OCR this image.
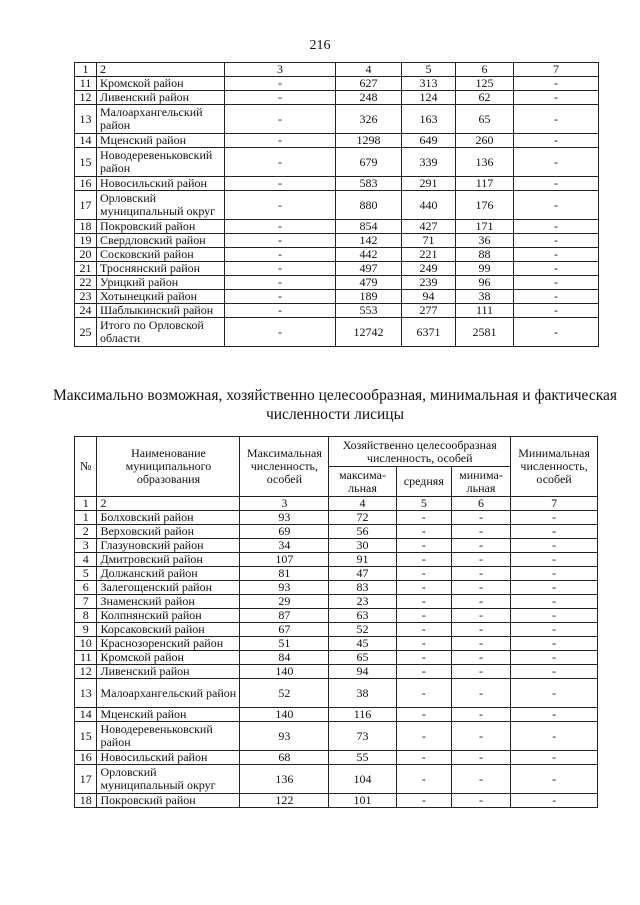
216
1	2	3	4	5	6	7
11	Кромской район	-	627	313	125	-
12	Ливенский район	-	248	124	62	-
13	Малоархангельский район	-	326	163	65	-
14	Мценский район	-	1298	649	260	-
15	Новодеревеньковский район	-	679	339	136	-
16	Новосильский район	-	583	291	117	-
17	Орловский муниципальный округ	-	880	440	176	-
18	Покровский район	-	854	427	171	-
19	Свердловский район	-	142	71	36	-
20	Сосковский район	-	442	221	88	-
21	Троснянский район	-	497	249	99	-
22	Урицкий район	-	479	239	96	-
23	Хотынецкий район	-	189	94	38	-
24	Шаблыкинский район	-	553	277	111	-
25	Итого по Орловской области	-	12742	6371	2581	-
Максимально возможная, хозяйственно целесообразная, минимальная и фактическая численности лисицы
№	Наименование муниципального образования	Максимальная численность, особей	Хозяйственно целесообразная численность, особей			Минимальная численность, особей
			максима-льная	средняя	минима-льная	
1	2	3	4	5	6	7
1	Болховский район	93	72	-	-	-
2	Верховский район	69	56	-	-	-
3	Глазуновский район	34	30	-	-	-
4	Дмитровский район	107	91	-	-	-
5	Должанский район	81	47	-	-	-
6	Залегощенский район	93	83	-	-	-
7	Знаменский район	29	23	-	-	-
8	Колпнянский район	87	63	-	-	-
9	Корсаковский район	67	52	-	-	-
10	Краснозоренский район	51	45	-	-	-
11	Кромской район	84	65	-	-	-
12	Ливенский район	140	94	-	-	-
13	Малоархангельский район	52	38	-	-	-
14	Мценский район	140	116	-	-	-
15	Новодеревеньковский район	93	73	-	-	-
16	Новосильский район	68	55	-	-	-
17	Орловский муниципальный округ	136	104	-	-	-
18	Покровский район	122	101	-	-	-
